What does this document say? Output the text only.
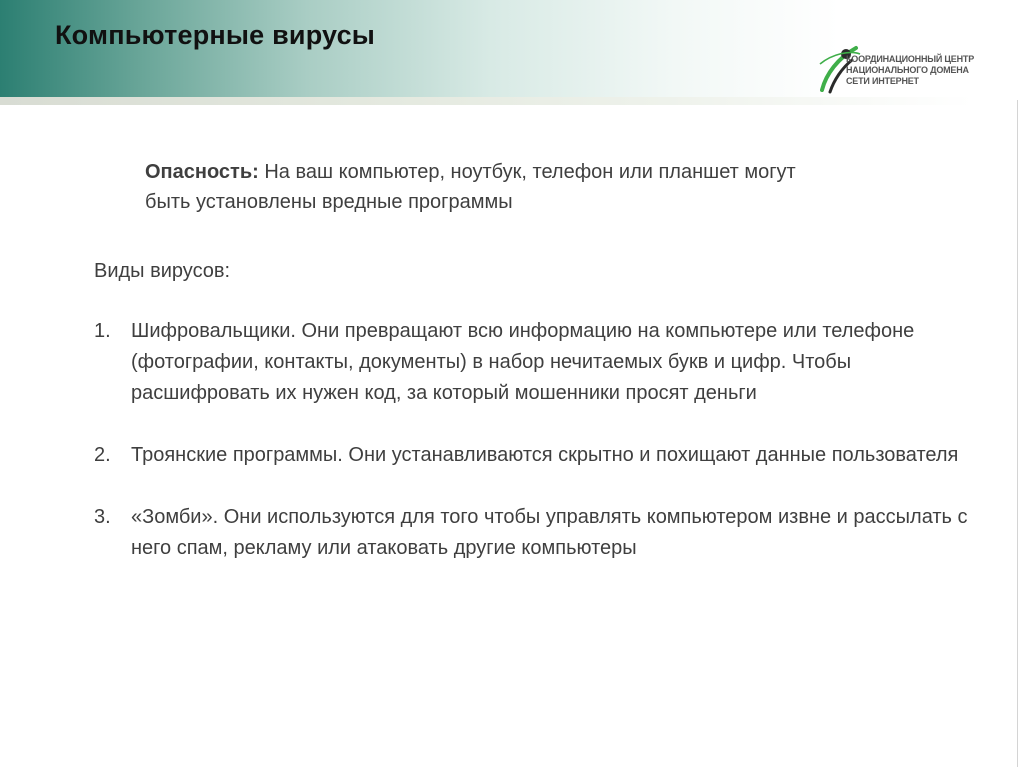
Компьютерные вирусы
КООРДИНАЦИОННЫЙ ЦЕНТР
НАЦИОНАЛЬНОГО ДОМЕНА
СЕТИ ИНТЕРНЕТ
Опасность: На ваш компьютер, ноутбук, телефон или планшет могут быть установлены вредные программы
Виды вирусов:
1. Шифровальщики. Они превращают всю информацию на компьютере или телефоне (фотографии, контакты, документы) в набор нечитаемых букв и цифр. Чтобы расшифровать их нужен код, за который мошенники просят деньги
2. Троянские программы. Они устанавливаются скрытно и похищают данные пользователя
3. «Зомби». Они используются для того чтобы управлять компьютером извне и рассылать с него спам, рекламу или атаковать другие компьютеры
